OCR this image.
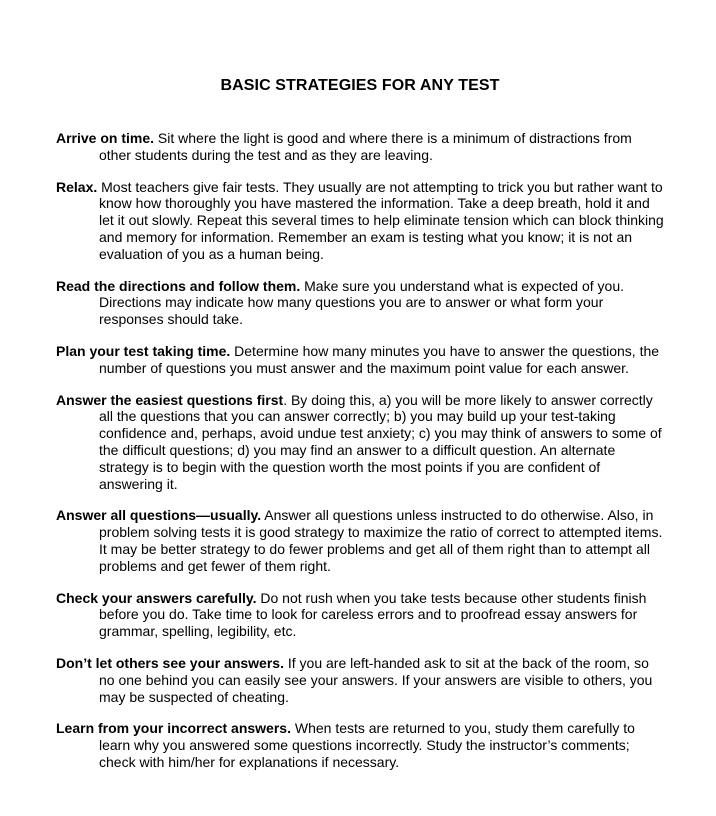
BASIC STRATEGIES FOR ANY TEST

Arrive on time. Sit where the light is good and where there is a minimum of distractions from other students during the test and as they are leaving.

Relax. Most teachers give fair tests. They usually are not attempting to trick you but rather want to know how thoroughly you have mastered the information. Take a deep breath, hold it and let it out slowly. Repeat this several times to help eliminate tension which can block thinking and memory for information. Remember an exam is testing what you know; it is not an evaluation of you as a human being.

Read the directions and follow them. Make sure you understand what is expected of you. Directions may indicate how many questions you are to answer or what form your responses should take.

Plan your test taking time. Determine how many minutes you have to answer the questions, the number of questions you must answer and the maximum point value for each answer.

Answer the easiest questions first. By doing this, a) you will be more likely to answer correctly all the questions that you can answer correctly; b) you may build up your test-taking confidence and, perhaps, avoid undue test anxiety; c) you may think of answers to some of the difficult questions; d) you may find an answer to a difficult question. An alternate strategy is to begin with the question worth the most points if you are confident of answering it.

Answer all questions—usually. Answer all questions unless instructed to do otherwise. Also, in problem solving tests it is good strategy to maximize the ratio of correct to attempted items. It may be better strategy to do fewer problems and get all of them right than to attempt all problems and get fewer of them right.

Check your answers carefully. Do not rush when you take tests because other students finish before you do. Take time to look for careless errors and to proofread essay answers for grammar, spelling, legibility, etc.

Don’t let others see your answers. If you are left-handed ask to sit at the back of the room, so no one behind you can easily see your answers. If your answers are visible to others, you may be suspected of cheating.

Learn from your incorrect answers. When tests are returned to you, study them carefully to learn why you answered some questions incorrectly. Study the instructor’s comments; check with him/her for explanations if necessary.
